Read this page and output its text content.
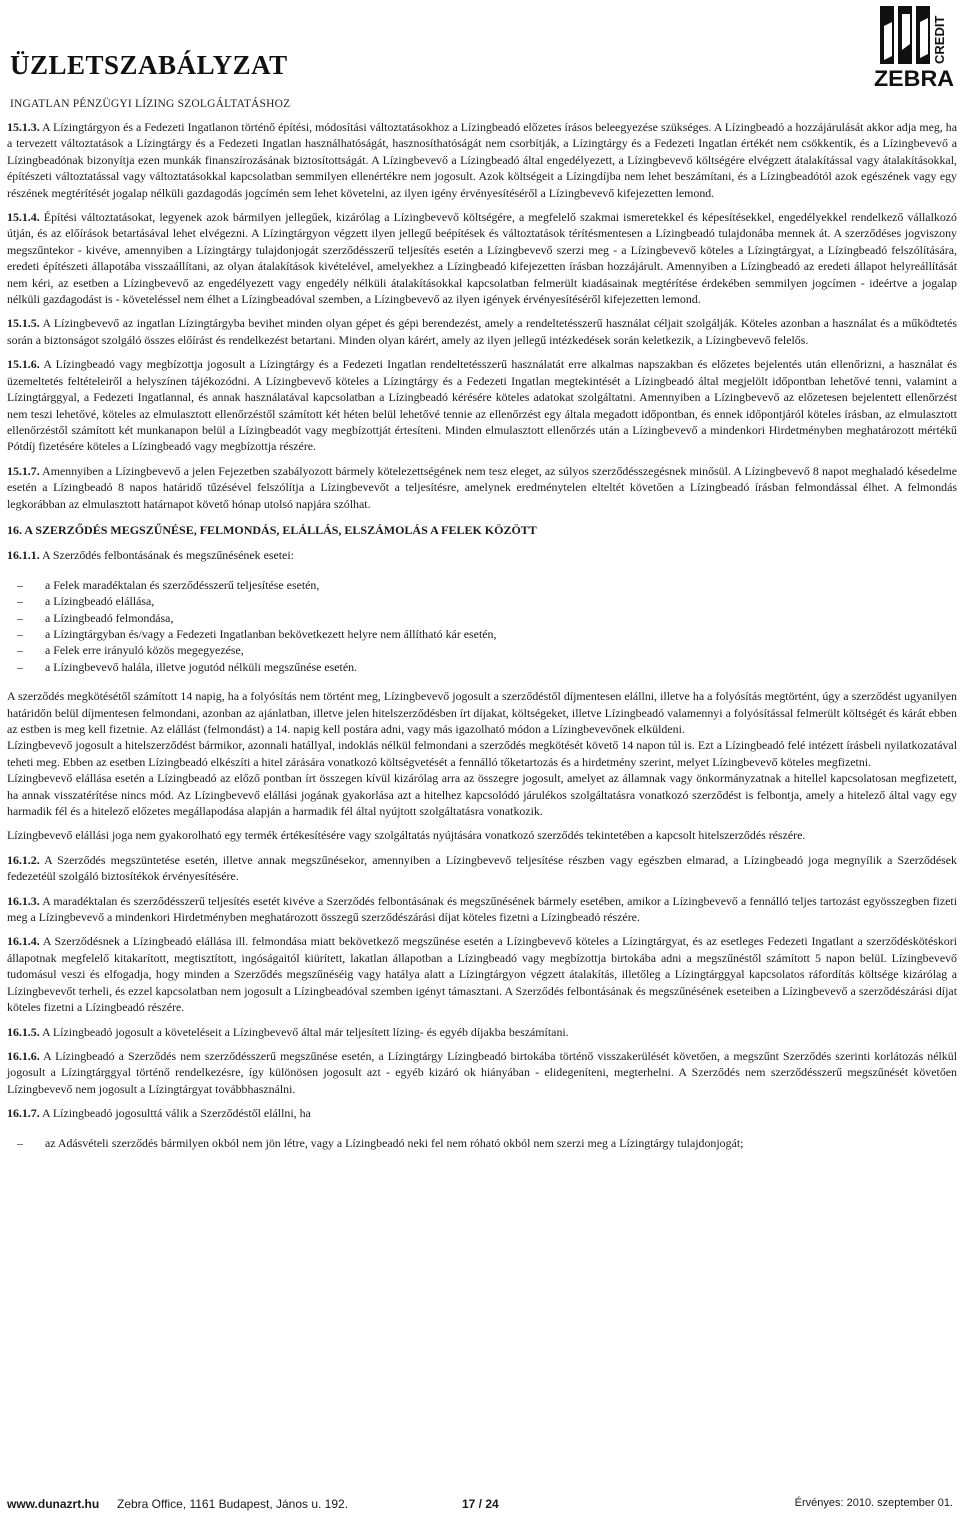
ÜZLETSZABÁLYZAT
INGATLAN PÉNZÜGYI LÍZING SZOLGÁLTATÁSHOZ
CREDIT
ZEBRA

15.1.3. A Lízingtárgyon és a Fedezeti Ingatlanon történő építési, módosítási változtatásokhoz a Lízingbeadó előzetes írásos beleegyezése szükséges. A Lízingbeadó a hozzájárulását akkor adja meg, ha a tervezett változtatások a Lízingtárgy és a Fedezeti Ingatlan használhatóságát, hasznosíthatóságát nem csorbítják, a Lízingtárgy és a Fedezeti Ingatlan értékét nem csökkentik, és a Lízingbevevő a Lízingbeadónak bizonyítja ezen munkák finanszírozásának biztosítottságát. A Lízingbevevő a Lízingbeadó által engedélyezett, a Lízingbevevő költségére elvégzett átalakítással vagy átalakításokkal, építészeti változtatással vagy változtatásokkal kapcsolatban semmilyen ellenértékre nem jogosult. Azok költségeit a Lízingdíjba nem lehet beszámítani, és a Lízingbeadótól azok egészének vagy egy részének megtérítését jogalap nélküli gazdagodás jogcímén sem lehet követelni, az ilyen igény érvényesítéséről a Lízingbevevő kifejezetten lemond.

15.1.4. Építési változtatásokat, legyenek azok bármilyen jellegűek, kizárólag a Lízingbevevő költségére, a megfelelő szakmai ismeretekkel és képesítésekkel, engedélyekkel rendelkező vállalkozó útján, és az előírások betartásával lehet elvégezni. A Lízingtárgyon végzett ilyen jellegű beépítések és változtatások térítésmentesen a Lízingbeadó tulajdonába mennek át. A szerződéses jogviszony megszűntekor - kivéve, amennyiben a Lízingtárgy tulajdonjogát szerződésszerű teljesítés esetén a Lízingbevevő szerzi meg - a Lízingbevevő köteles a Lízingtárgyat, a Lízingbeadó felszólítására, eredeti építészeti állapotába visszaállítani, az olyan átalakítások kivételével, amelyekhez a Lízingbeadó kifejezetten írásban hozzájárult. Amennyiben a Lízingbeadó az eredeti állapot helyreállítását nem kéri, az esetben a Lízingbevevő az engedélyezett vagy engedély nélküli átalakításokkal kapcsolatban felmerült kiadásainak megtérítése érdekében semmilyen jogcímen - ideértve a jogalap nélküli gazdagodást is - követeléssel nem élhet a Lízingbeadóval szemben, a Lízingbevevő az ilyen igények érvényesítéséről kifejezetten lemond.

15.1.5. A Lízingbevevő az ingatlan Lízingtárgyba bevihet minden olyan gépet és gépi berendezést, amely a rendeltetésszerű használat céljait szolgálják. Köteles azonban a használat és a működtetés során a biztonságot szolgáló összes előírást és rendelkezést betartani. Minden olyan kárért, amely az ilyen jellegű intézkedések során keletkezik, a Lízingbevevő felelős.

15.1.6. A Lízingbeadó vagy megbízottja jogosult a Lízingtárgy és a Fedezeti Ingatlan rendeltetésszerű használatát erre alkalmas napszakban és előzetes bejelentés után ellenőrizni, a használat és üzemeltetés feltételeiről a helyszínen tájékozódni. A Lízingbevevő köteles a Lízingtárgy és a Fedezeti Ingatlan megtekintését a Lízingbeadó által megjelölt időpontban lehetővé tenni, valamint a Lízingtárggyal, a Fedezeti Ingatlannal, és annak használatával kapcsolatban a Lízingbeadó kérésére köteles adatokat szolgáltatni. Amennyiben a Lízingbevevő az előzetesen bejelentett ellenőrzést nem teszi lehetővé, köteles az elmulasztott ellenőrzéstől számított két héten belül lehetővé tennie az ellenőrzést egy általa megadott időpontban, és ennek időpontjáról köteles írásban, az elmulasztott ellenőrzéstől számított két munkanapon belül a Lízingbeadót vagy megbízottját értesíteni. Minden elmulasztott ellenőrzés után a Lízingbevevő a mindenkori Hirdetményben meghatározott mértékű Pótdíj fizetésére köteles a Lízingbeadó vagy megbízottja részére.

15.1.7. Amennyiben a Lízingbevevő a jelen Fejezetben szabályozott bármely kötelezettségének nem tesz eleget, az súlyos szerződésszegésnek minősül. A Lízingbevevő 8 napot meghaladó késedelme esetén a Lízingbeadó 8 napos határidő tűzésével felszólítja a Lízingbevevőt a teljesítésre, amelynek eredménytelen elteltét követően a Lízingbeadó írásban felmondással élhet. A felmondás legkorábban az elmulasztott határnapot követő hónap utolsó napjára szólhat.

16. A SZERZŐDÉS MEGSZŰNÉSE, FELMONDÁS, ELÁLLÁS, ELSZÁMOLÁS A FELEK KÖZÖTT

16.1.1. A Szerződés felbontásának és megszűnésének esetei:

– a Felek maradéktalan és szerződésszerű teljesítése esetén,
– a Lízingbeadó elállása,
– a Lízingbeadó felmondása,
– a Lízingtárgyban és/vagy a Fedezeti Ingatlanban bekövetkezett helyre nem állítható kár esetén,
– a Felek erre irányuló közös megegyezése,
– a Lízingbevevő halála, illetve jogutód nélküli megszűnése esetén.

A szerződés megkötésétől számított 14 napig, ha a folyósítás nem történt meg, Lízingbevevő jogosult a szerződéstől díjmentesen elállni, illetve ha a folyósítás megtörtént, úgy a szerződést ugyanilyen határidőn belül díjmentesen felmondani, azonban az ajánlatban, illetve jelen hitelszerződésben írt díjakat, költségeket, illetve Lízingbeadó valamennyi a folyósítással felmerült költségét és kárát ebben az estben is meg kell fizetnie. Az elállást (felmondást) a 14. napig kell postára adni, vagy más igazolható módon a Lízingbevevőnek elküldeni.

Lízingbevevő jogosult a hitelszerződést bármikor, azonnali hatállyal, indoklás nélkül felmondani a szerződés megkötését követő 14 napon túl is. Ezt a Lízingbeadó felé intézett írásbeli nyilatkozatával teheti meg. Ebben az esetben Lízingbeadó elkészíti a hitel zárására vonatkozó költségvetését a fennálló tőketartozás és a hirdetmény szerint, melyet Lízingbevevő köteles megfizetni.

Lízingbevevő elállása esetén a Lízingbeadó az előző pontban írt összegen kívül kizárólag arra az összegre jogosult, amelyet az államnak vagy önkormányzatnak a hitellel kapcsolatosan megfizetett, ha annak visszatérítése nincs mód. Az Lízingbevevő elállási jogának gyakorlása azt a hitelhez kapcsolódó járulékos szolgáltatásra vonatkozó szerződést is felbontja, amely a hitelező által vagy egy harmadik fél és a hitelező előzetes megállapodása alapján a harmadik fél által nyújtott szolgáltatásra vonatkozik.

Lízingbevevő elállási joga nem gyakorolható egy termék értékesítésére vagy szolgáltatás nyújtására vonatkozó szerződés tekintetében a kapcsolt hitelszerződés részére.

16.1.2. A Szerződés megszüntetése esetén, illetve annak megszűnésekor, amennyiben a Lízingbevevő teljesítése részben vagy egészben elmarad, a Lízingbeadó joga megnyílik a Szerződések fedezetéül szolgáló biztosítékok érvényesítésére.

16.1.3. A maradéktalan és szerződésszerű teljesítés esetét kivéve a Szerződés felbontásának és megszűnésének bármely esetében, amikor a Lízingbevevő a fennálló teljes tartozást egyösszegben fizeti meg a Lízingbevevő a mindenkori Hirdetményben meghatározott összegű szerződészárási díjat köteles fizetni a Lízingbeadó részére.

16.1.4. A Szerződésnek a Lízingbeadó elállása ill. felmondása miatt bekövetkező megszűnése esetén a Lízingbevevő köteles a Lízingtárgyat, és az esetleges Fedezeti Ingatlant a szerződéskötéskori állapotnak megfelelő kitakarított, megtisztított, ingóságaitól kiürített, lakatlan állapotban a Lízingbeadó vagy megbízottja birtokába adni a megszűnéstől számított 5 napon belül. Lízingbevevő tudomásul veszi és elfogadja, hogy minden a Szerződés megszűnéséig vagy hatálya alatt a Lízingtárgyon végzett átalakítás, illetőleg a Lízingtárggyal kapcsolatos ráfordítás költsége kizárólag a Lízingbevevőt terheli, és ezzel kapcsolatban nem jogosult a Lízingbeadóval szemben igényt támasztani. A Szerződés felbontásának és megszűnésének eseteiben a Lízingbevevő a szerződészárási díjat köteles fizetni a Lízingbeadó részére.

16.1.5. A Lízingbeadó jogosult a követeléseit a Lízingbevevő által már teljesített lízing- és egyéb díjakba beszámítani.

16.1.6. A Lízingbeadó a Szerződés nem szerződésszerű megszűnése esetén, a Lízingtárgy Lízingbeadó birtokába történő visszakerülését követően, a megszűnt Szerződés szerinti korlátozás nélkül jogosult a Lízingtárggyal történő rendelkezésre, így különösen jogosult azt - egyéb kizáró ok hiányában - elidegeníteni, megterhelni. A Szerződés nem szerződésszerű megszűnését követően Lízingbevevő nem jogosult a Lízingtárgyat továbbhasználni.

16.1.7. A Lízingbeadó jogosulttá válik a Szerződéstől elállni, ha

– az Adásvételi szerződés bármilyen okból nem jön létre, vagy a Lízingbeadó neki fel nem róható okból nem szerzi meg a Lízingtárgy tulajdonjogát;
www.dunazrt.hu Zebra Office, 1161 Budapest, János u. 192.	17 / 24	Érvényes: 2010. szeptember 01.
